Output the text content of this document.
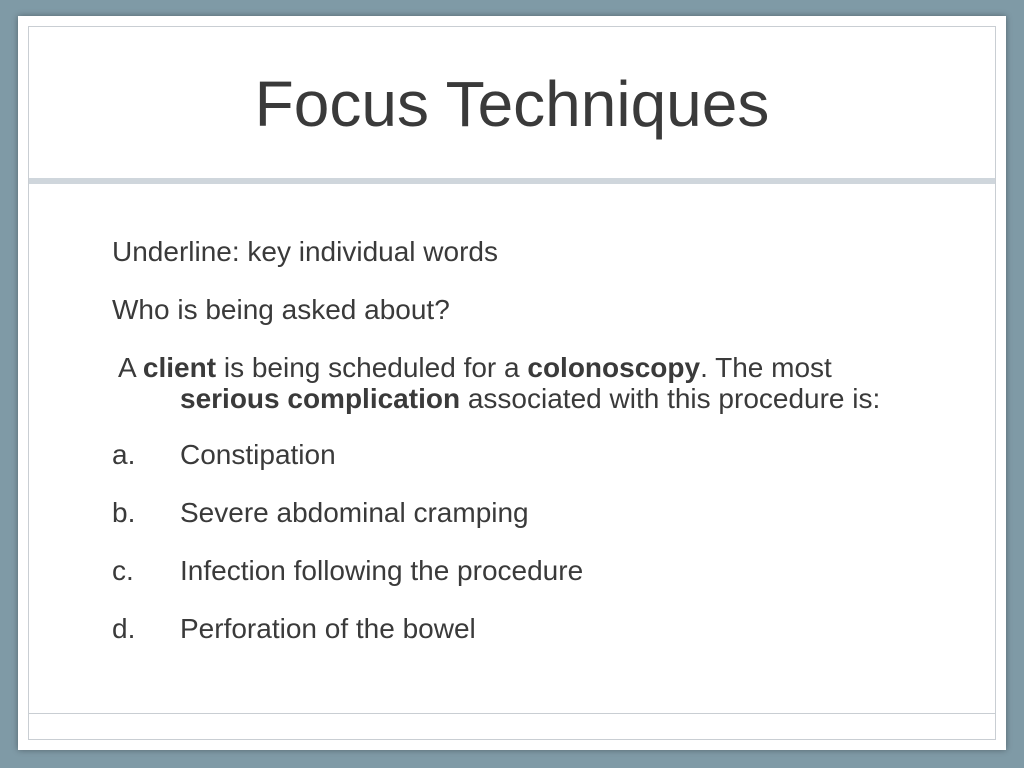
Focus Techniques

Underline: key individual words

Who is being asked about?

A client is being scheduled for a colonoscopy. The most serious complication associated with this procedure is:

a.	Constipation
b.	Severe abdominal cramping
c.	Infection following the procedure
d.	Perforation of the bowel
